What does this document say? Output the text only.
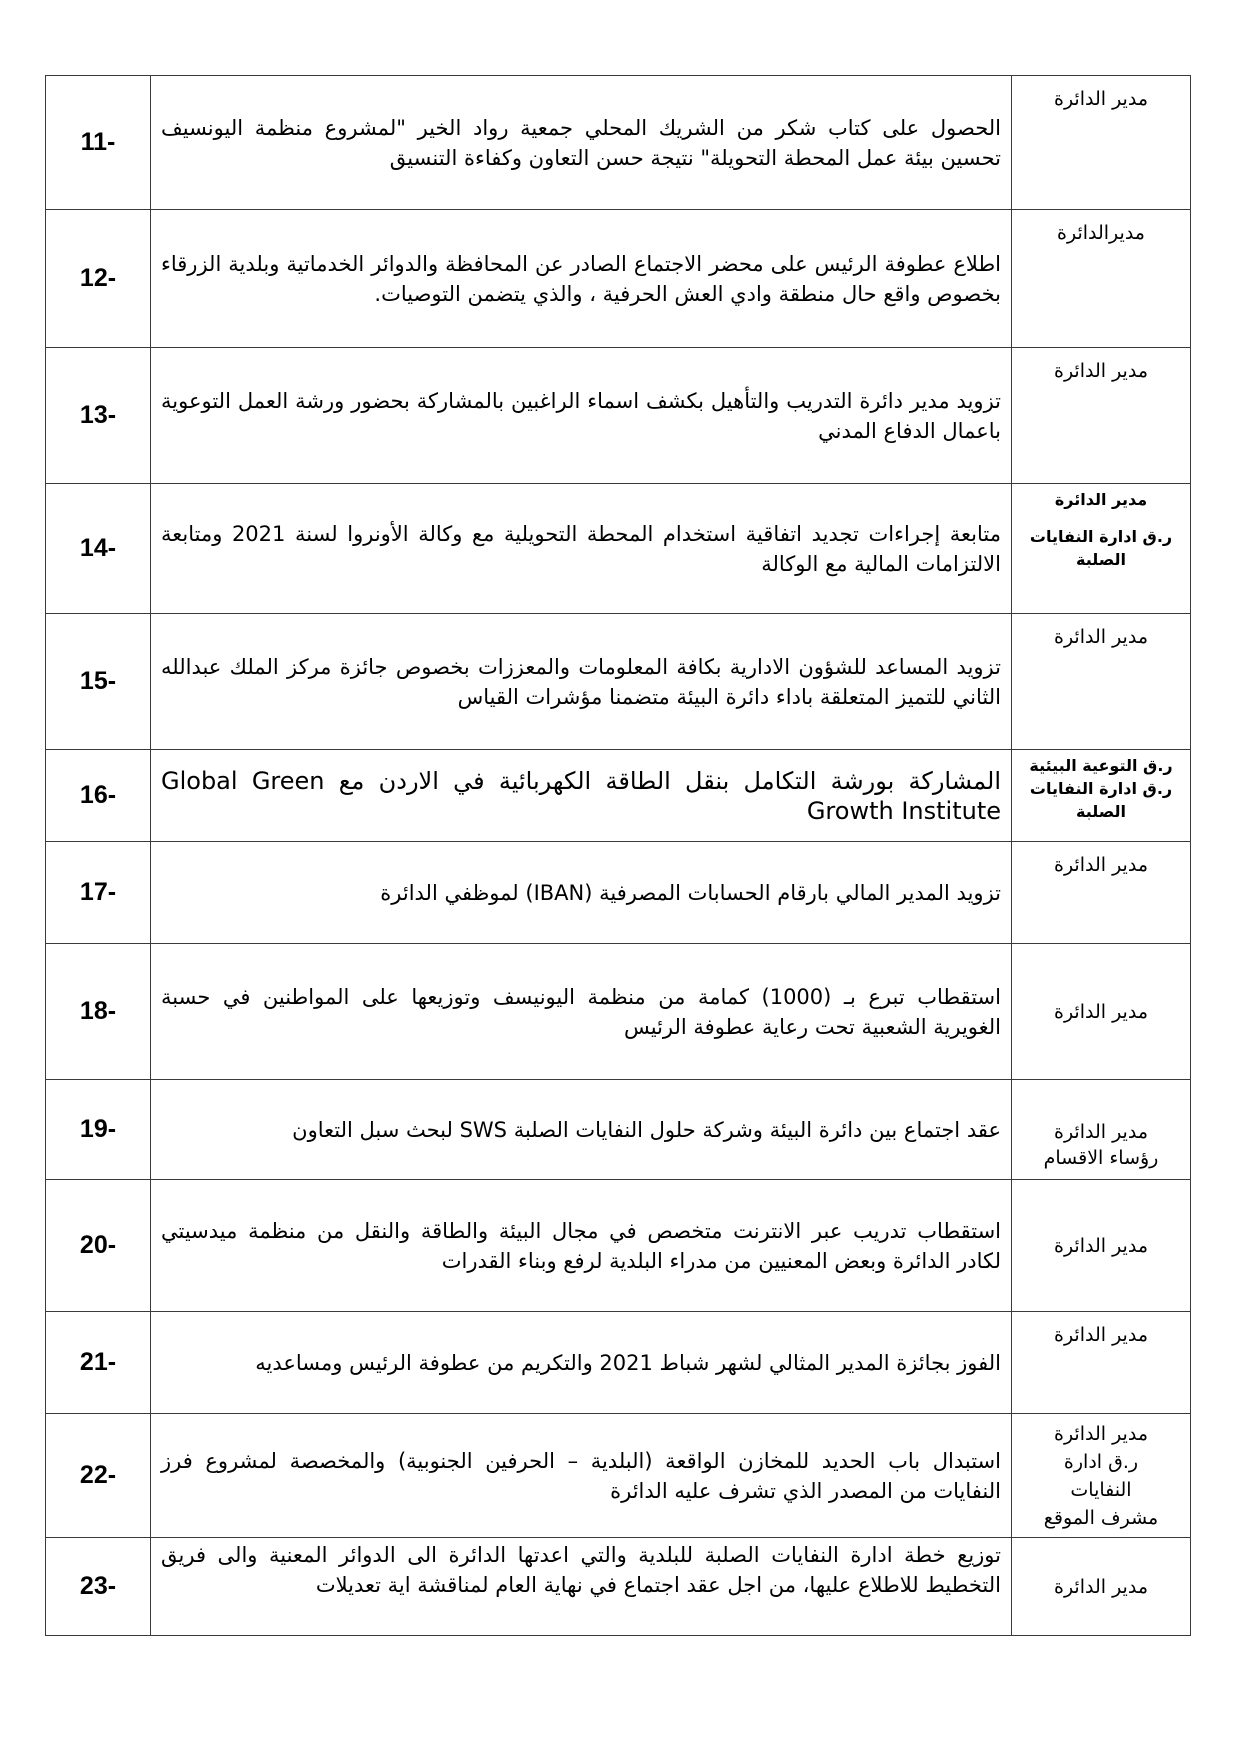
11-	الحصول على كتاب شكر من الشريك المحلي جمعية رواد الخير "لمشروع منظمة اليونسيف تحسين بيئة عمل المحطة التحويلة" نتيجة حسن التعاون وكفاءة التنسيق	مدير الدائرة

12-	اطلاع عطوفة الرئيس على محضر الاجتماع الصادر عن المحافظة والدوائر الخدماتية وبلدية الزرقاء بخصوص واقع حال منطقة وادي العش الحرفية ، والذي يتضمن التوصيات.	مديرالدائرة

13-	تزويد مدير دائرة التدريب والتأهيل بكشف اسماء الراغبين بالمشاركة بحضور ورشة العمل التوعوية باعمال الدفاع المدني	مدير الدائرة

14-	متابعة إجراءات تجديد اتفاقية استخدام المحطة التحويلية مع وكالة الأونروا لسنة 2021 ومتابعة الالتزامات المالية مع الوكالة	مدير الدائرة
ر.ق ادارة النفايات
الصلبة

15-	تزويد المساعد للشؤون الادارية بكافة المعلومات والمعززات بخصوص جائزة مركز الملك عبدالله الثاني للتميز المتعلقة باداء دائرة البيئة متضمنا مؤشرات القياس	مدير الدائرة

16-	المشاركة بورشة التكامل بنقل الطاقة الكهربائية في الاردن مع Global Green Growth Institute	ر.ق التوعية البيئية
ر.ق ادارة النفايات
الصلبة

17-	تزويد المدير المالي بارقام الحسابات المصرفية (IBAN) لموظفي الدائرة	مدير الدائرة

18-	استقطاب تبرع بـ (1000) كمامة من منظمة اليونيسف وتوزيعها على المواطنين في حسبة الغويرية الشعبية تحت رعاية عطوفة الرئيس	مدير الدائرة

19-	عقد اجتماع بين دائرة البيئة وشركة حلول النفايات الصلبة SWS لبحث سبل التعاون	مدير الدائرة
رؤساء الاقسام

20-	استقطاب تدريب عبر الانترنت متخصص في مجال البيئة والطاقة والنقل من منظمة ميدسيتي لكادر الدائرة وبعض المعنيين من مدراء البلدية لرفع وبناء القدرات	مدير الدائرة

21-	الفوز بجائزة المدير المثالي لشهر شباط 2021 والتكريم من عطوفة الرئيس ومساعديه	مدير الدائرة

22-	استبدال باب الحديد للمخازن الواقعة (البلدية – الحرفين الجنوبية) والمخصصة لمشروع فرز النفايات من المصدر الذي تشرف عليه الدائرة	مدير الدائرة
ر.ق ادارة
النفايات
مشرف الموقع

23-	توزيع خطة ادارة النفايات الصلبة للبلدية والتي اعدتها الدائرة الى الدوائر المعنية والى فريق التخطيط للاطلاع عليها، من اجل عقد اجتماع في نهاية العام لمناقشة اية تعديلات	مدير الدائرة
